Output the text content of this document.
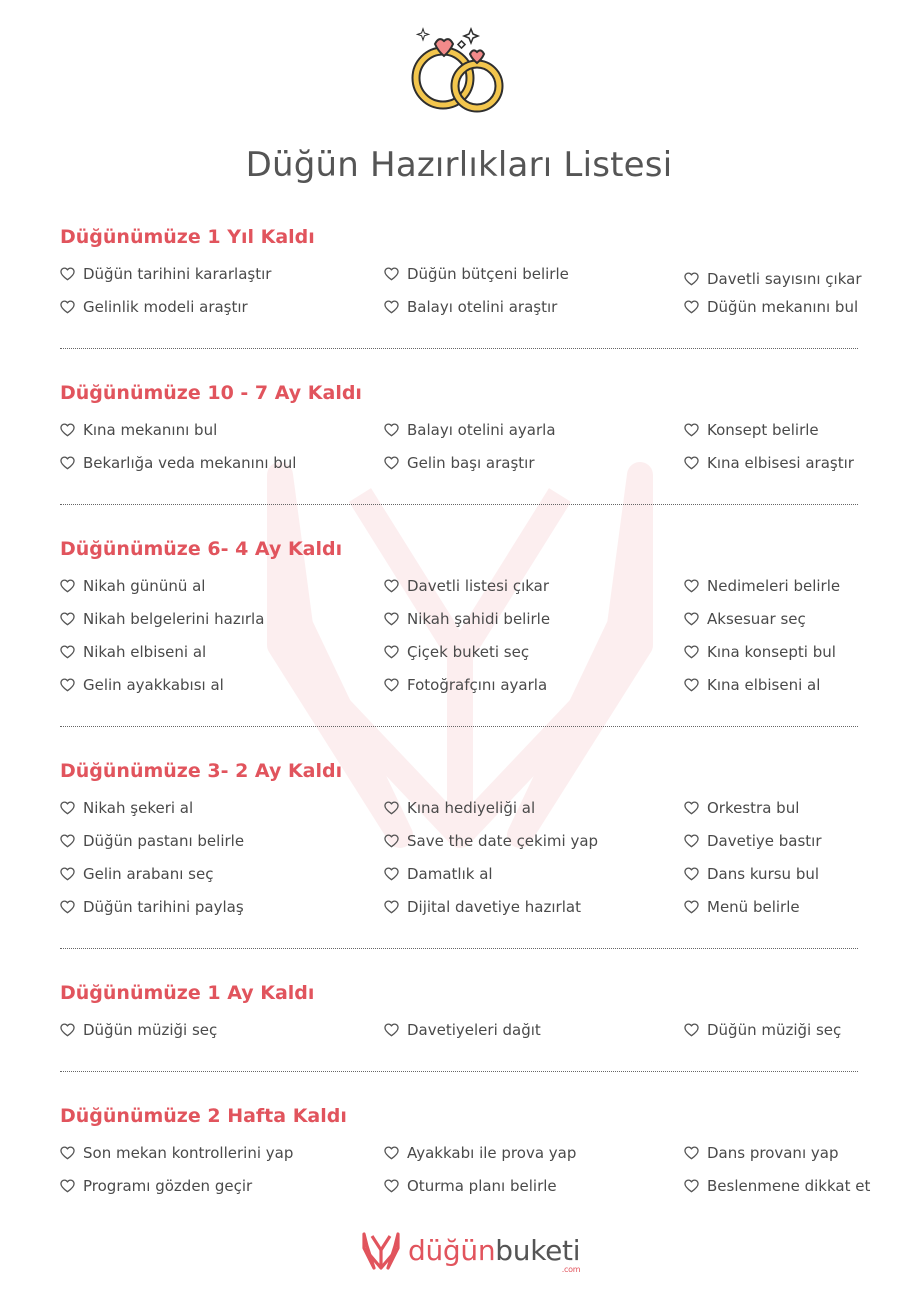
Düğün Hazırlıkları Listesi
Düğünümüze 1 Yıl Kaldı
Düğün tarihini kararlaştır	Düğün bütçeni belirle	Davetli sayısını çıkar
Gelinlik modeli araştır	Balayı otelini araştır	Düğün mekanını bul
Düğünümüze 10 - 7 Ay Kaldı
Kına mekanını bul	Balayı otelini ayarla	Konsept belirle
Bekarlığa veda mekanını bul	Gelin başı araştır	Kına elbisesi araştır
Düğünümüze 6- 4 Ay Kaldı
Nikah gününü al	Davetli listesi çıkar	Nedimeleri belirle
Nikah belgelerini hazırla	Nikah şahidi belirle	Aksesuar seç
Nikah elbiseni al	Çiçek buketi seç	Kına konsepti bul
Gelin ayakkabısı al	Fotoğrafçını ayarla	Kına elbiseni al
Düğünümüze 3- 2 Ay Kaldı
Nikah şekeri al	Kına hediyeliği al	Orkestra bul
Düğün pastanı belirle	Save the date çekimi yap	Davetiye bastır
Gelin arabanı seç	Damatlık al	Dans kursu bul
Düğün tarihini paylaş	Dijital davetiye hazırlat	Menü belirle
Düğünümüze 1 Ay Kaldı
Düğün müziği seç	Davetiyeleri dağıt	Düğün müziği seç
Düğünümüze 2 Hafta Kaldı
Son mekan kontrollerini yap	Ayakkabı ile prova yap	Dans provanı yap
Programı gözden geçir	Oturma planı belirle	Beslenmene dikkat et
düğünbuketi
.com
